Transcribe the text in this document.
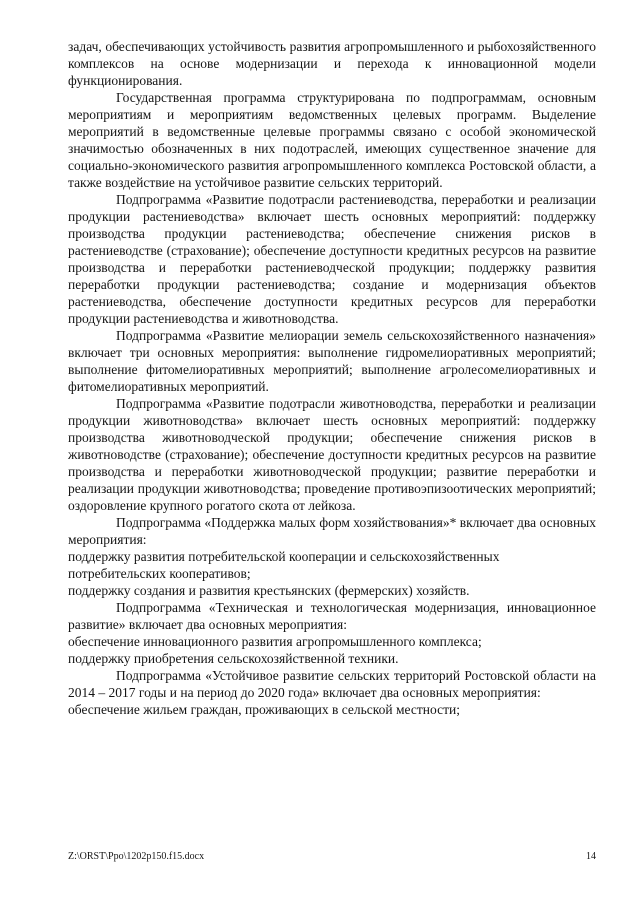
задач, обеспечивающих устойчивость развития агропромышленного и рыбохозяйственного комплексов на основе модернизации и перехода к инновационной модели функционирования.

Государственная программа структурирована по подпрограммам, основным мероприятиям и мероприятиям ведомственных целевых программ. Выделение мероприятий в ведомственные целевые программы связано с особой экономической значимостью обозначенных в них подотраслей, имеющих существенное значение для социально-экономического развития агропромышленного комплекса Ростовской области, а также воздействие на устойчивое развитие сельских территорий.

Подпрограмма «Развитие подотрасли растениеводства, переработки и реализации продукции растениеводства» включает шесть основных мероприятий: поддержку производства продукции растениеводства; обеспечение снижения рисков в растениеводстве (страхование); обеспечение доступности кредитных ресурсов на развитие производства и переработки растениеводческой продукции; поддержку развития переработки продукции растениеводства; создание и модернизация объектов растениеводства, обеспечение доступности кредитных ресурсов для переработки продукции растениеводства и животноводства.

Подпрограмма «Развитие мелиорации земель сельскохозяйственного назначения» включает три основных мероприятия: выполнение гидромелиоративных мероприятий; выполнение фитомелиоративных мероприятий; выполнение агролесомелиоративных и фитомелиоративных мероприятий.

Подпрограмма «Развитие подотрасли животноводства, переработки и реализации продукции животноводства» включает шесть основных мероприятий: поддержку производства животноводческой продукции; обеспечение снижения рисков в животноводстве (страхование); обеспечение доступности кредитных ресурсов на развитие производства и переработки животноводческой продукции; развитие переработки и реализации продукции животноводства; проведение противоэпизоотических мероприятий; оздоровление крупного рогатого скота от лейкоза.

Подпрограмма «Поддержка малых форм хозяйствования»* включает два основных мероприятия:

поддержку развития потребительской кооперации и сельскохозяйственных потребительских кооперативов;

поддержку создания и развития крестьянских (фермерских) хозяйств.

Подпрограмма «Техническая и технологическая модернизация, инновационное развитие» включает два основных мероприятия:

обеспечение инновационного развития агропромышленного комплекса;

поддержку приобретения сельскохозяйственной техники.

Подпрограмма «Устойчивое развитие сельских территорий Ростовской области на 2014 – 2017 годы и на период до 2020 года» включает два основных мероприятия:

обеспечение жильем граждан, проживающих в сельской местности;

Z:\ORST\Ppo\1202p150.f15.docx	14
